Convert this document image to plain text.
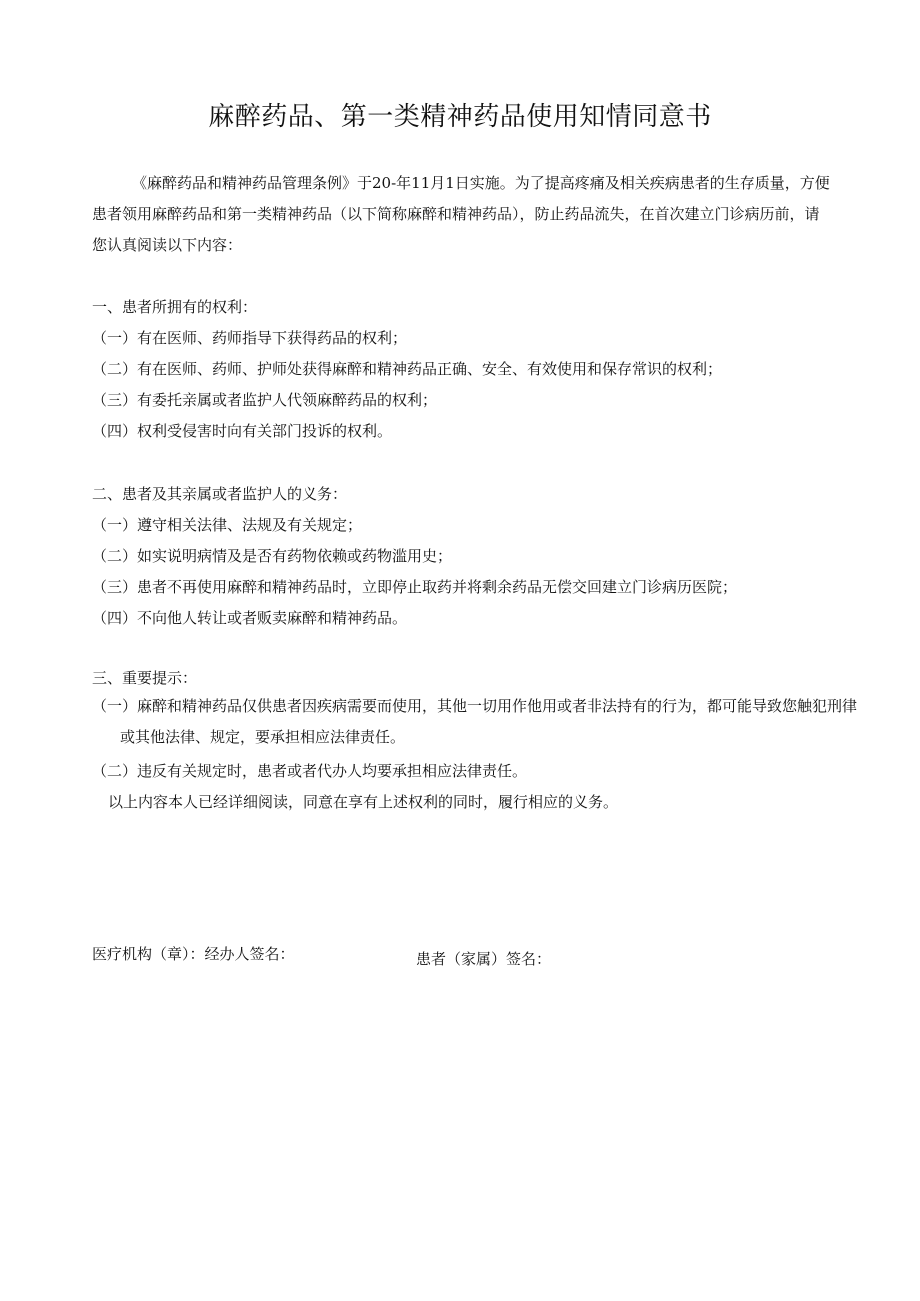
麻醉药品、第一类精神药品使用知情同意书
《麻醉药品和精神药品管理条例》于20-年11月1日实施。为了提高疼痛及相关疾病患者的生存质量，方便患者领用麻醉药品和第一类精神药品（以下简称麻醉和精神药品），防止药品流失，在首次建立门诊病历前，请您认真阅读以下内容：
一、患者所拥有的权利：
（一）有在医师、药师指导下获得药品的权利；
（二）有在医师、药师、护师处获得麻醉和精神药品正确、安全、有效使用和保存常识的权利；
（三）有委托亲属或者监护人代领麻醉药品的权利；
（四）权利受侵害时向有关部门投诉的权利。
二、患者及其亲属或者监护人的义务：
（一）遵守相关法律、法规及有关规定；
（二）如实说明病情及是否有药物依赖或药物滥用史；
（三）患者不再使用麻醉和精神药品时，立即停止取药并将剩余药品无偿交回建立门诊病历医院；
（四）不向他人转让或者贩卖麻醉和精神药品。
三、重要提示：
（一）麻醉和精神药品仅供患者因疾病需要而使用，其他一切用作他用或者非法持有的行为，都可能导致您触犯刑律或其他法律、规定，要承担相应法律责任。
（二）违反有关规定时，患者或者代办人均要承担相应法律责任。
以上内容本人已经详细阅读，同意在享有上述权利的同时，履行相应的义务。
医疗机构（章）：经办人签名：	患者（家属）签名：
